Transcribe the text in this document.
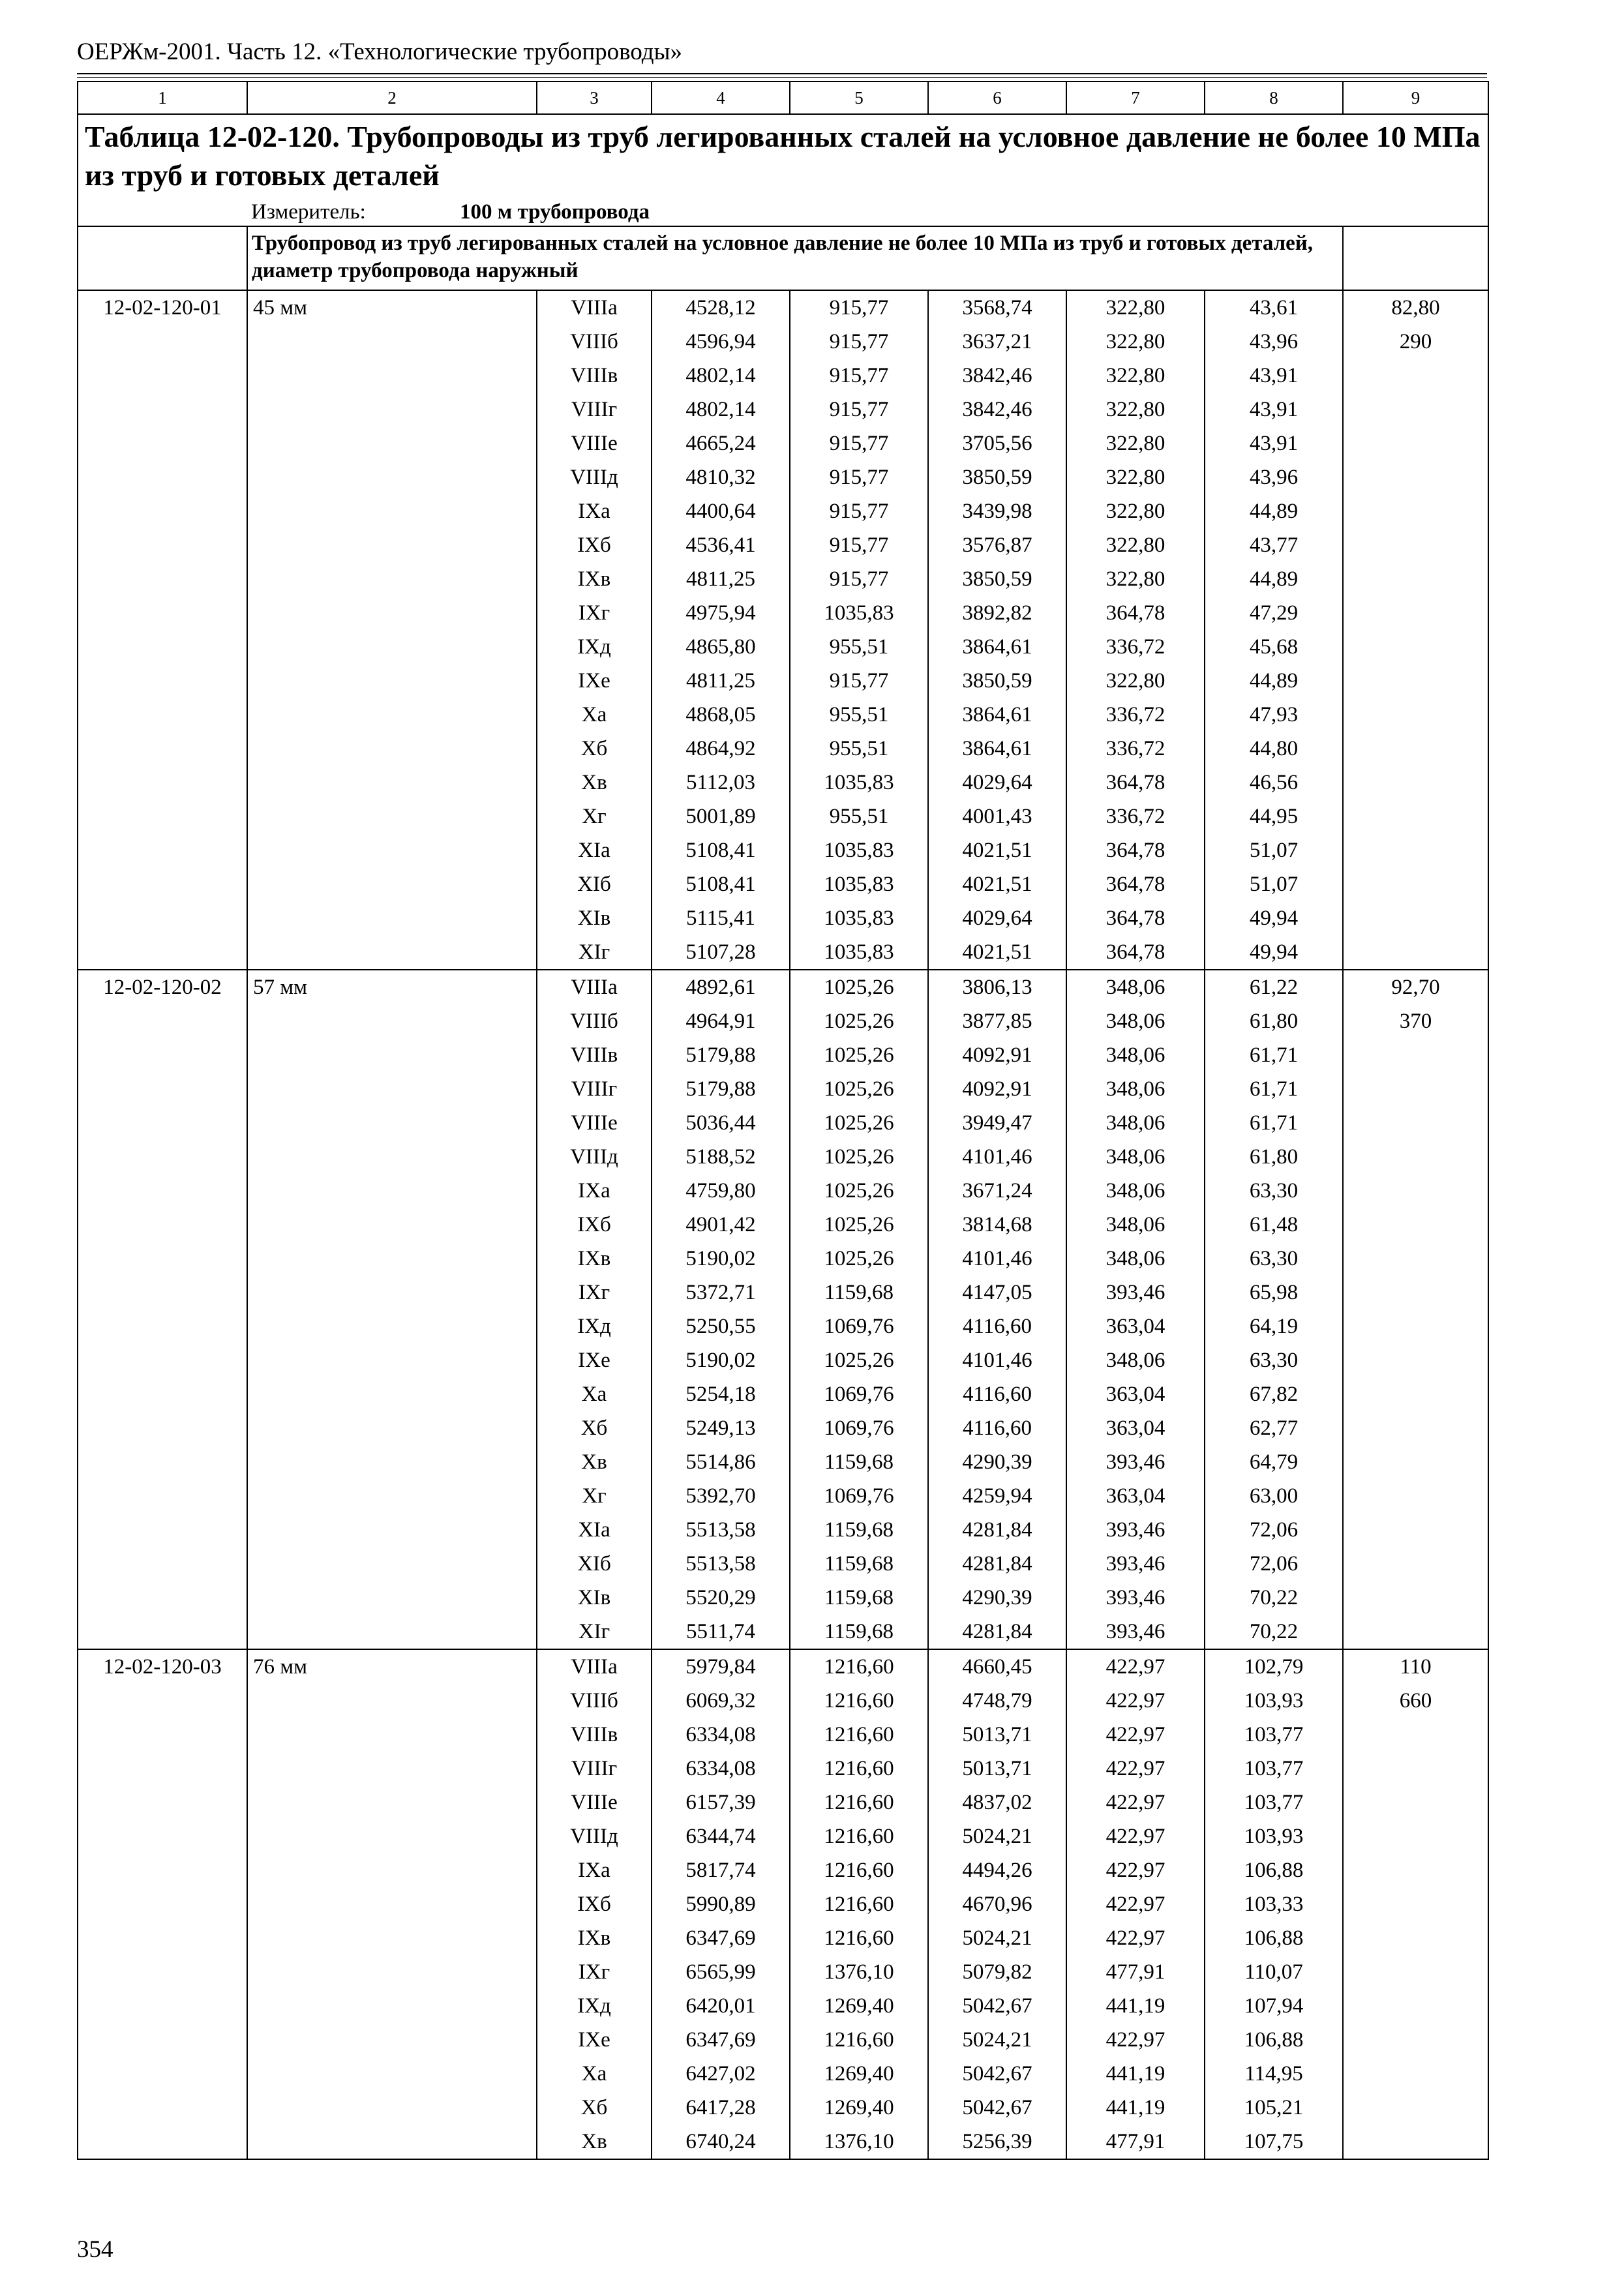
ОЕРЖм-2001. Часть 12. «Технологические трубопроводы»
1	2	3	4	5	6	7	8	9
Таблица 12-02-120. Трубопроводы из труб легированных сталей на условное давление не более 10 МПа из труб и готовых деталей								
	Измеритель: 100 м трубопровода							
	Трубопровод из труб легированных сталей на условное давление не более 10 МПа из труб и готовых деталей, диаметр трубопровода наружный							
12-02-120-01	45 мм	VIIIа	4528,12	915,77	3568,74	322,80	43,61	82,80
		VIIIб	4596,94	915,77	3637,21	322,80	43,96	290
		VIIIв	4802,14	915,77	3842,46	322,80	43,91	
		VIIIг	4802,14	915,77	3842,46	322,80	43,91	
		VIIIе	4665,24	915,77	3705,56	322,80	43,91	
		VIIIд	4810,32	915,77	3850,59	322,80	43,96	
		IXа	4400,64	915,77	3439,98	322,80	44,89	
		IXб	4536,41	915,77	3576,87	322,80	43,77	
		IXв	4811,25	915,77	3850,59	322,80	44,89	
		IXг	4975,94	1035,83	3892,82	364,78	47,29	
		IXд	4865,80	955,51	3864,61	336,72	45,68	
		IXе	4811,25	915,77	3850,59	322,80	44,89	
		Xа	4868,05	955,51	3864,61	336,72	47,93	
		Xб	4864,92	955,51	3864,61	336,72	44,80	
		Xв	5112,03	1035,83	4029,64	364,78	46,56	
		Xг	5001,89	955,51	4001,43	336,72	44,95	
		XIа	5108,41	1035,83	4021,51	364,78	51,07	
		XIб	5108,41	1035,83	4021,51	364,78	51,07	
		XIв	5115,41	1035,83	4029,64	364,78	49,94	
		XIг	5107,28	1035,83	4021,51	364,78	49,94	
12-02-120-02	57 мм	VIIIа	4892,61	1025,26	3806,13	348,06	61,22	92,70
		VIIIб	4964,91	1025,26	3877,85	348,06	61,80	370
		VIIIв	5179,88	1025,26	4092,91	348,06	61,71	
		VIIIг	5179,88	1025,26	4092,91	348,06	61,71	
		VIIIе	5036,44	1025,26	3949,47	348,06	61,71	
		VIIIд	5188,52	1025,26	4101,46	348,06	61,80	
		IXа	4759,80	1025,26	3671,24	348,06	63,30	
		IXб	4901,42	1025,26	3814,68	348,06	61,48	
		IXв	5190,02	1025,26	4101,46	348,06	63,30	
		IXг	5372,71	1159,68	4147,05	393,46	65,98	
		IXд	5250,55	1069,76	4116,60	363,04	64,19	
		IXе	5190,02	1025,26	4101,46	348,06	63,30	
		Xа	5254,18	1069,76	4116,60	363,04	67,82	
		Xб	5249,13	1069,76	4116,60	363,04	62,77	
		Xв	5514,86	1159,68	4290,39	393,46	64,79	
		Xг	5392,70	1069,76	4259,94	363,04	63,00	
		XIа	5513,58	1159,68	4281,84	393,46	72,06	
		XIб	5513,58	1159,68	4281,84	393,46	72,06	
		XIв	5520,29	1159,68	4290,39	393,46	70,22	
		XIг	5511,74	1159,68	4281,84	393,46	70,22	
12-02-120-03	76 мм	VIIIа	5979,84	1216,60	4660,45	422,97	102,79	110
		VIIIб	6069,32	1216,60	4748,79	422,97	103,93	660
		VIIIв	6334,08	1216,60	5013,71	422,97	103,77	
		VIIIг	6334,08	1216,60	5013,71	422,97	103,77	
		VIIIе	6157,39	1216,60	4837,02	422,97	103,77	
		VIIIд	6344,74	1216,60	5024,21	422,97	103,93	
		IXа	5817,74	1216,60	4494,26	422,97	106,88	
		IXб	5990,89	1216,60	4670,96	422,97	103,33	
		IXв	6347,69	1216,60	5024,21	422,97	106,88	
		IXг	6565,99	1376,10	5079,82	477,91	110,07	
		IXд	6420,01	1269,40	5042,67	441,19	107,94	
		IXе	6347,69	1216,60	5024,21	422,97	106,88	
		Xа	6427,02	1269,40	5042,67	441,19	114,95	
		Xб	6417,28	1269,40	5042,67	441,19	105,21	
		Xв	6740,24	1376,10	5256,39	477,91	107,75	
354
